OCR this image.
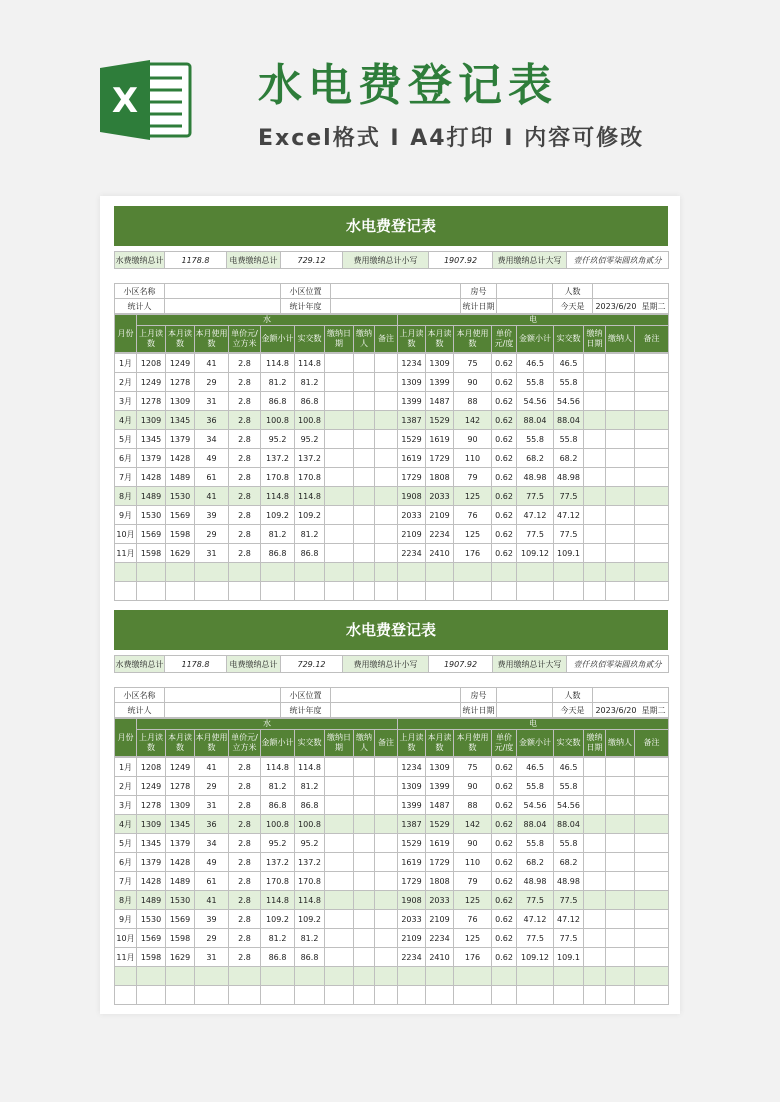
X	水电费登记表

Excel格式 I A4打印 I 内容可修改

水电费登记表
水费缴纳总计	1178.8	电费缴纳总计	729.12	费用缴纳总计小写	1907.92	费用缴纳总计大写	壹仟玖佰零柒圆玖角贰分
小区名称		小区位置		房号		人数	
统计人		统计年度		统计日期		今天是	2023/6/20 星期二
月份	水									电								
	上月读数	本月读数	本月使用数	单价元/立方米	金额小计	实交数	缴纳日期	缴纳人	备注	上月读数	本月读数	本月使用数	单价元/度	金额小计	实交数	缴纳日期	缴纳人	备注
1月	1208	1249	41	2.8	114.8	114.8				1234	1309	75	0.62	46.5	46.5			
2月	1249	1278	29	2.8	81.2	81.2				1309	1399	90	0.62	55.8	55.8			
3月	1278	1309	31	2.8	86.8	86.8				1399	1487	88	0.62	54.56	54.56			
4月	1309	1345	36	2.8	100.8	100.8				1387	1529	142	0.62	88.04	88.04			
5月	1345	1379	34	2.8	95.2	95.2				1529	1619	90	0.62	55.8	55.8			
6月	1379	1428	49	2.8	137.2	137.2				1619	1729	110	0.62	68.2	68.2			
7月	1428	1489	61	2.8	170.8	170.8				1729	1808	79	0.62	48.98	48.98			
8月	1489	1530	41	2.8	114.8	114.8				1908	2033	125	0.62	77.5	77.5			
9月	1530	1569	39	2.8	109.2	109.2				2033	2109	76	0.62	47.12	47.12			
10月	1569	1598	29	2.8	81.2	81.2				2109	2234	125	0.62	77.5	77.5			
11月	1598	1629	31	2.8	86.8	86.8				2234	2410	176	0.62	109.12	109.1			

水电费登记表
水费缴纳总计	1178.8	电费缴纳总计	729.12	费用缴纳总计小写	1907.92	费用缴纳总计大写	壹仟玖佰零柒圆玖角贰分
小区名称		小区位置		房号		人数	
统计人		统计年度		统计日期		今天是	2023/6/20 星期二
月份	水									电								
	上月读数	本月读数	本月使用数	单价元/立方米	金额小计	实交数	缴纳日期	缴纳人	备注	上月读数	本月读数	本月使用数	单价元/度	金额小计	实交数	缴纳日期	缴纳人	备注
1月	1208	1249	41	2.8	114.8	114.8				1234	1309	75	0.62	46.5	46.5			
2月	1249	1278	29	2.8	81.2	81.2				1309	1399	90	0.62	55.8	55.8			
3月	1278	1309	31	2.8	86.8	86.8				1399	1487	88	0.62	54.56	54.56			
4月	1309	1345	36	2.8	100.8	100.8				1387	1529	142	0.62	88.04	88.04			
5月	1345	1379	34	2.8	95.2	95.2				1529	1619	90	0.62	55.8	55.8			
6月	1379	1428	49	2.8	137.2	137.2				1619	1729	110	0.62	68.2	68.2			
7月	1428	1489	61	2.8	170.8	170.8				1729	1808	79	0.62	48.98	48.98			
8月	1489	1530	41	2.8	114.8	114.8				1908	2033	125	0.62	77.5	77.5			
9月	1530	1569	39	2.8	109.2	109.2				2033	2109	76	0.62	47.12	47.12			
10月	1569	1598	29	2.8	81.2	81.2				2109	2234	125	0.62	77.5	77.5			
11月	1598	1629	31	2.8	86.8	86.8				2234	2410	176	0.62	109.12	109.1			
